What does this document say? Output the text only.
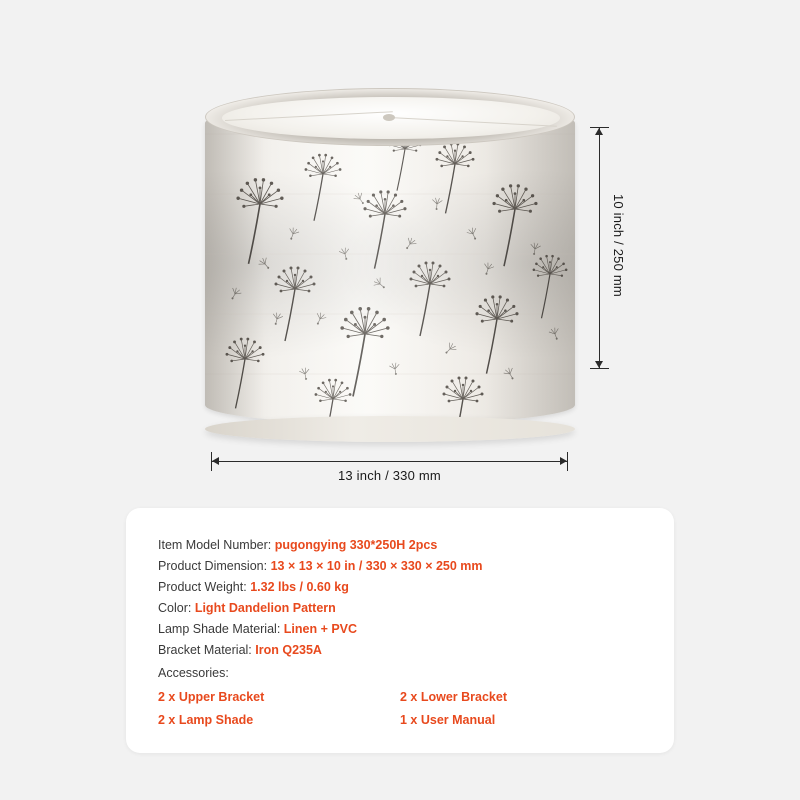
10 inch / 250 mm
13 inch / 330 mm
Item Model Number: pugongying 330*250H 2pcs
Product Dimension: 13 × 13 × 10 in / 330 × 330 × 250 mm
Product Weight: 1.32 lbs / 0.60 kg
Color: Light Dandelion Pattern
Lamp Shade Material: Linen + PVC
Bracket Material: Iron Q235A
Accessories:
2 x Upper Bracket	2 x Lower Bracket
2 x Lamp Shade	1 x User Manual
